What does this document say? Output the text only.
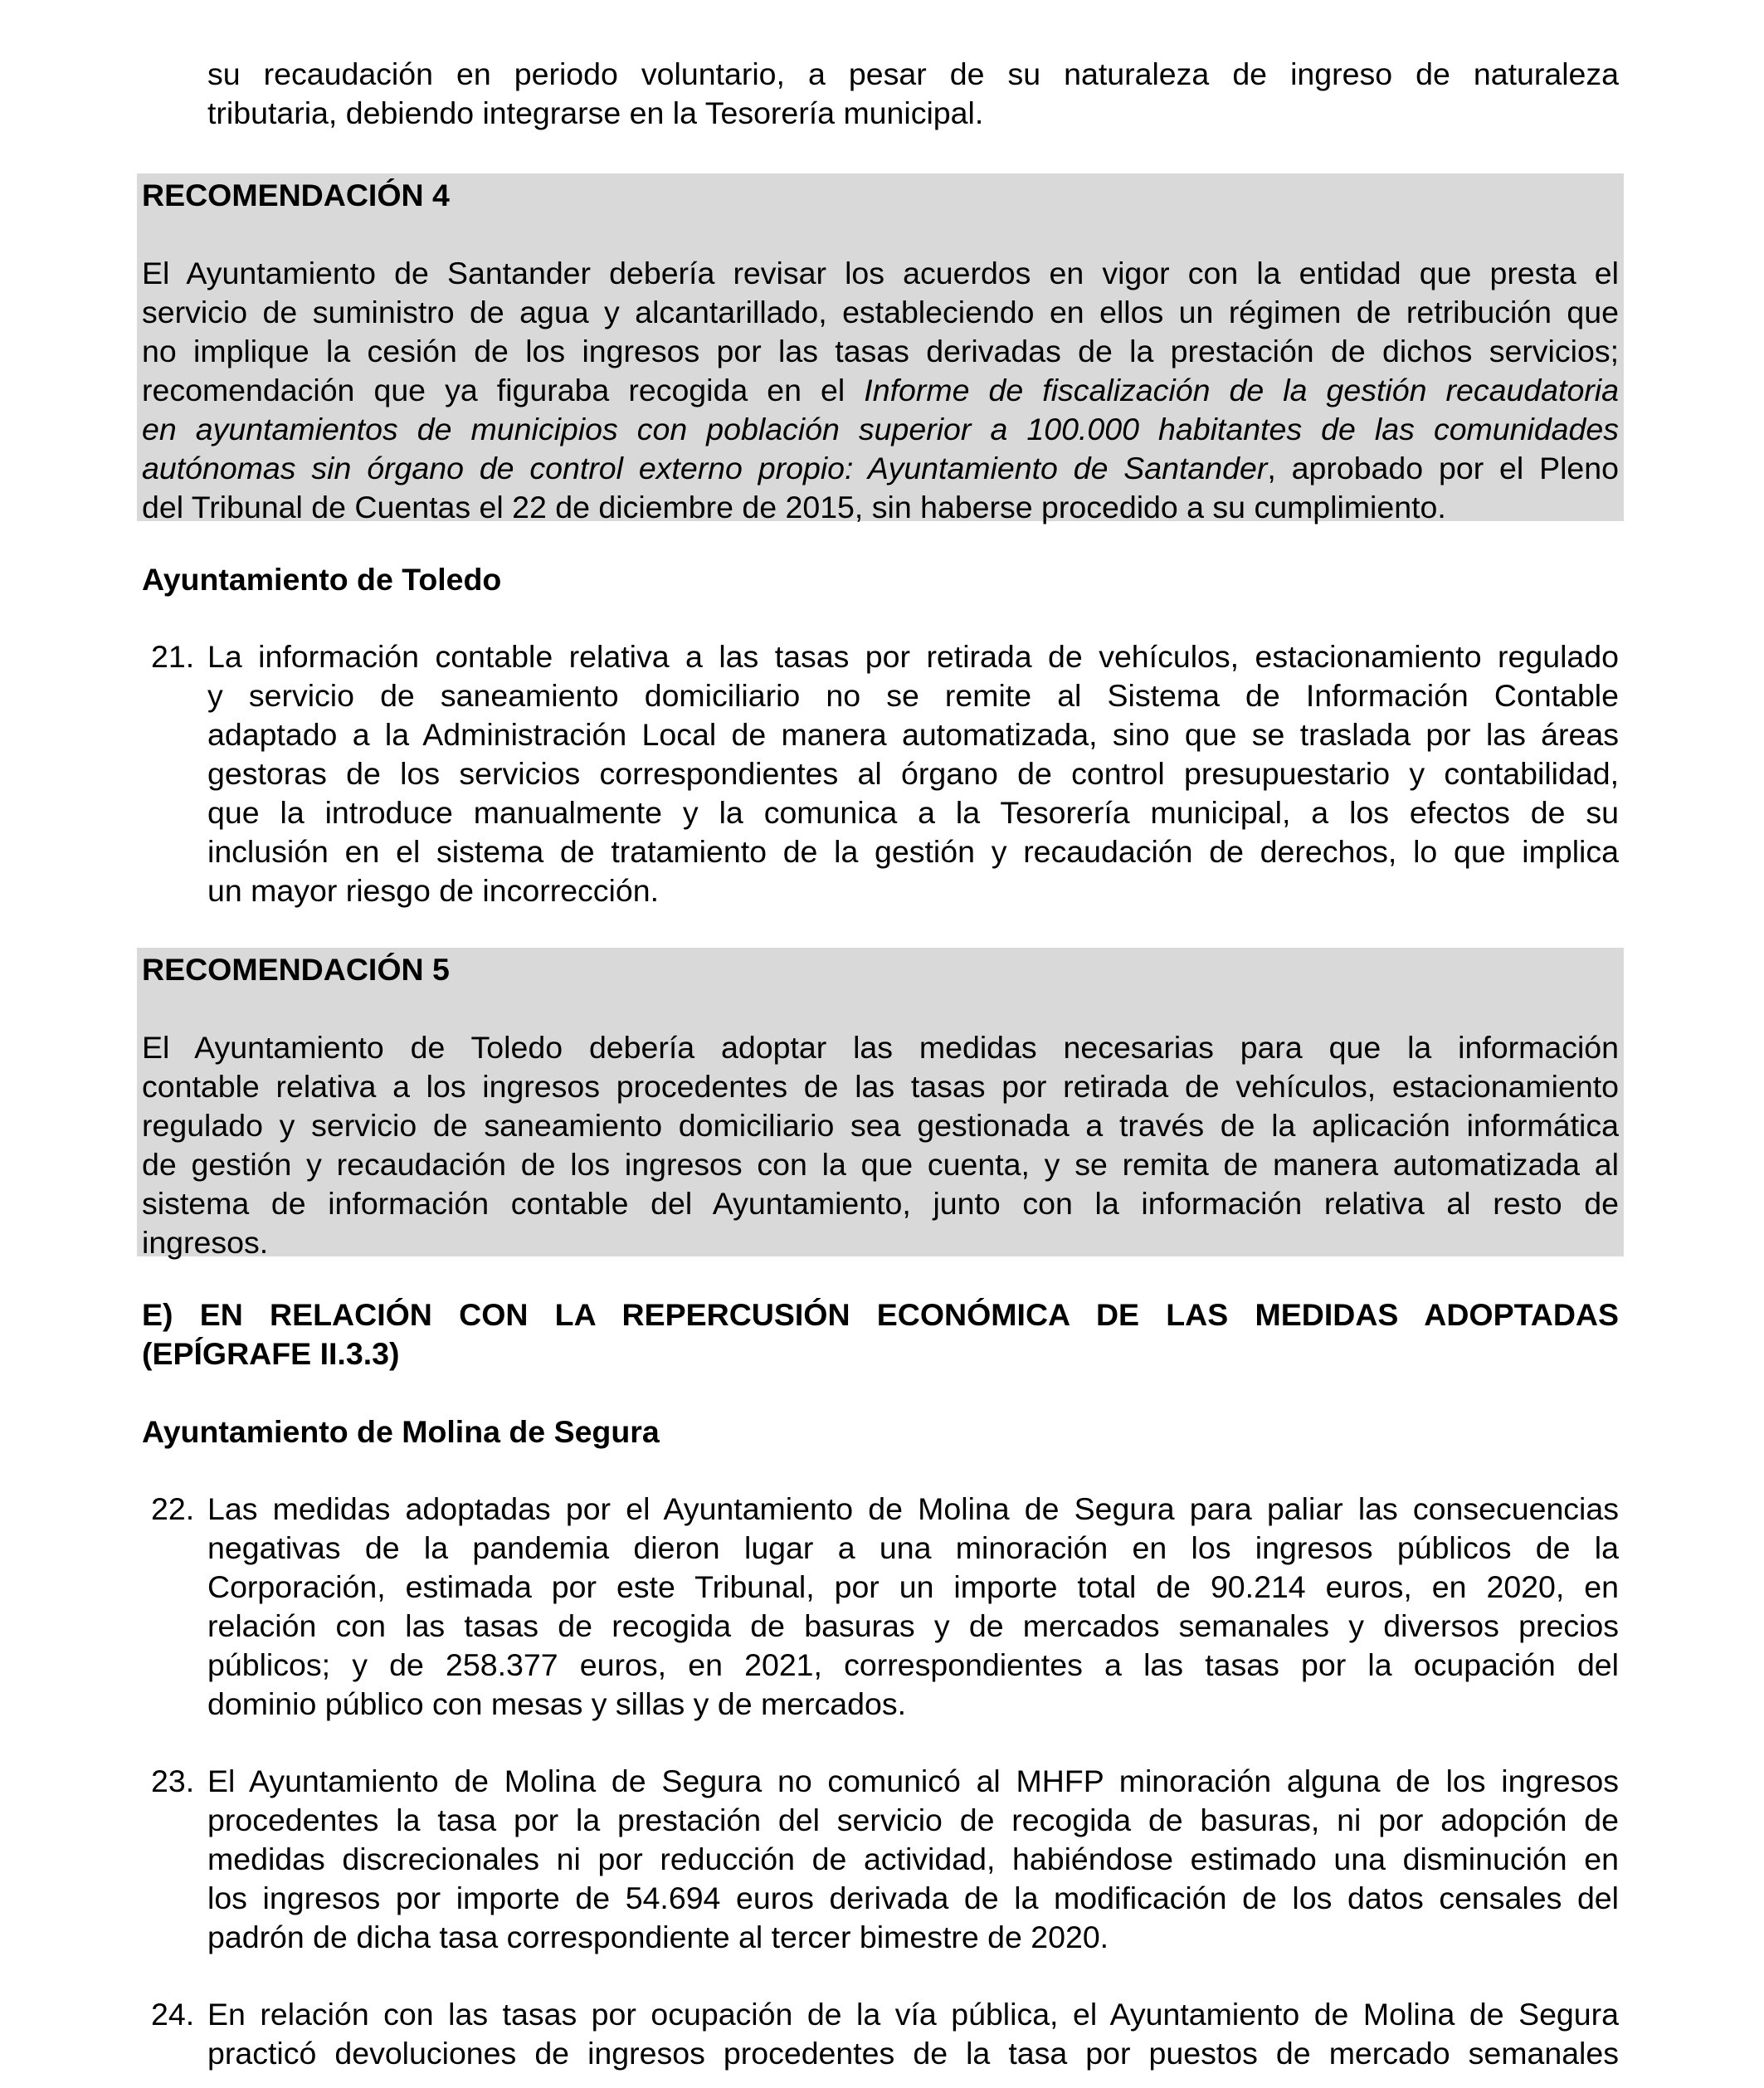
su recaudación en periodo voluntario, a pesar de su naturaleza de ingreso de naturaleza
tributaria, debiendo integrarse en la Tesorería municipal.
RECOMENDACIÓN 4
El Ayuntamiento de Santander debería revisar los acuerdos en vigor con la entidad que presta el
servicio de suministro de agua y alcantarillado, estableciendo en ellos un régimen de retribución que
no implique la cesión de los ingresos por las tasas derivadas de la prestación de dichos servicios;
recomendación que ya figuraba recogida en el Informe de fiscalización de la gestión recaudatoria
en ayuntamientos de municipios con población superior a 100.000 habitantes de las comunidades
autónomas sin órgano de control externo propio: Ayuntamiento de Santander, aprobado por el Pleno
del Tribunal de Cuentas el 22 de diciembre de 2015, sin haberse procedido a su cumplimiento.
Ayuntamiento de Toledo
21. La información contable relativa a las tasas por retirada de vehículos, estacionamiento regulado
y servicio de saneamiento domiciliario no se remite al Sistema de Información Contable
adaptado a la Administración Local de manera automatizada, sino que se traslada por las áreas
gestoras de los servicios correspondientes al órgano de control presupuestario y contabilidad,
que la introduce manualmente y la comunica a la Tesorería municipal, a los efectos de su
inclusión en el sistema de tratamiento de la gestión y recaudación de derechos, lo que implica
un mayor riesgo de incorrección.
RECOMENDACIÓN 5
El Ayuntamiento de Toledo debería adoptar las medidas necesarias para que la información
contable relativa a los ingresos procedentes de las tasas por retirada de vehículos, estacionamiento
regulado y servicio de saneamiento domiciliario sea gestionada a través de la aplicación informática
de gestión y recaudación de los ingresos con la que cuenta, y se remita de manera automatizada al
sistema de información contable del Ayuntamiento, junto con la información relativa al resto de
ingresos.
E) EN RELACIÓN CON LA REPERCUSIÓN ECONÓMICA DE LAS MEDIDAS ADOPTADAS
(EPÍGRAFE II.3.3)
Ayuntamiento de Molina de Segura
22. Las medidas adoptadas por el Ayuntamiento de Molina de Segura para paliar las consecuencias
negativas de la pandemia dieron lugar a una minoración en los ingresos públicos de la
Corporación, estimada por este Tribunal, por un importe total de 90.214 euros, en 2020, en
relación con las tasas de recogida de basuras y de mercados semanales y diversos precios
públicos; y de 258.377 euros, en 2021, correspondientes a las tasas por la ocupación del
dominio público con mesas y sillas y de mercados.
23. El Ayuntamiento de Molina de Segura no comunicó al MHFP minoración alguna de los ingresos
procedentes la tasa por la prestación del servicio de recogida de basuras, ni por adopción de
medidas discrecionales ni por reducción de actividad, habiéndose estimado una disminución en
los ingresos por importe de 54.694 euros derivada de la modificación de los datos censales del
padrón de dicha tasa correspondiente al tercer bimestre de 2020.
24. En relación con las tasas por ocupación de la vía pública, el Ayuntamiento de Molina de Segura
practicó devoluciones de ingresos procedentes de la tasa por puestos de mercado semanales
